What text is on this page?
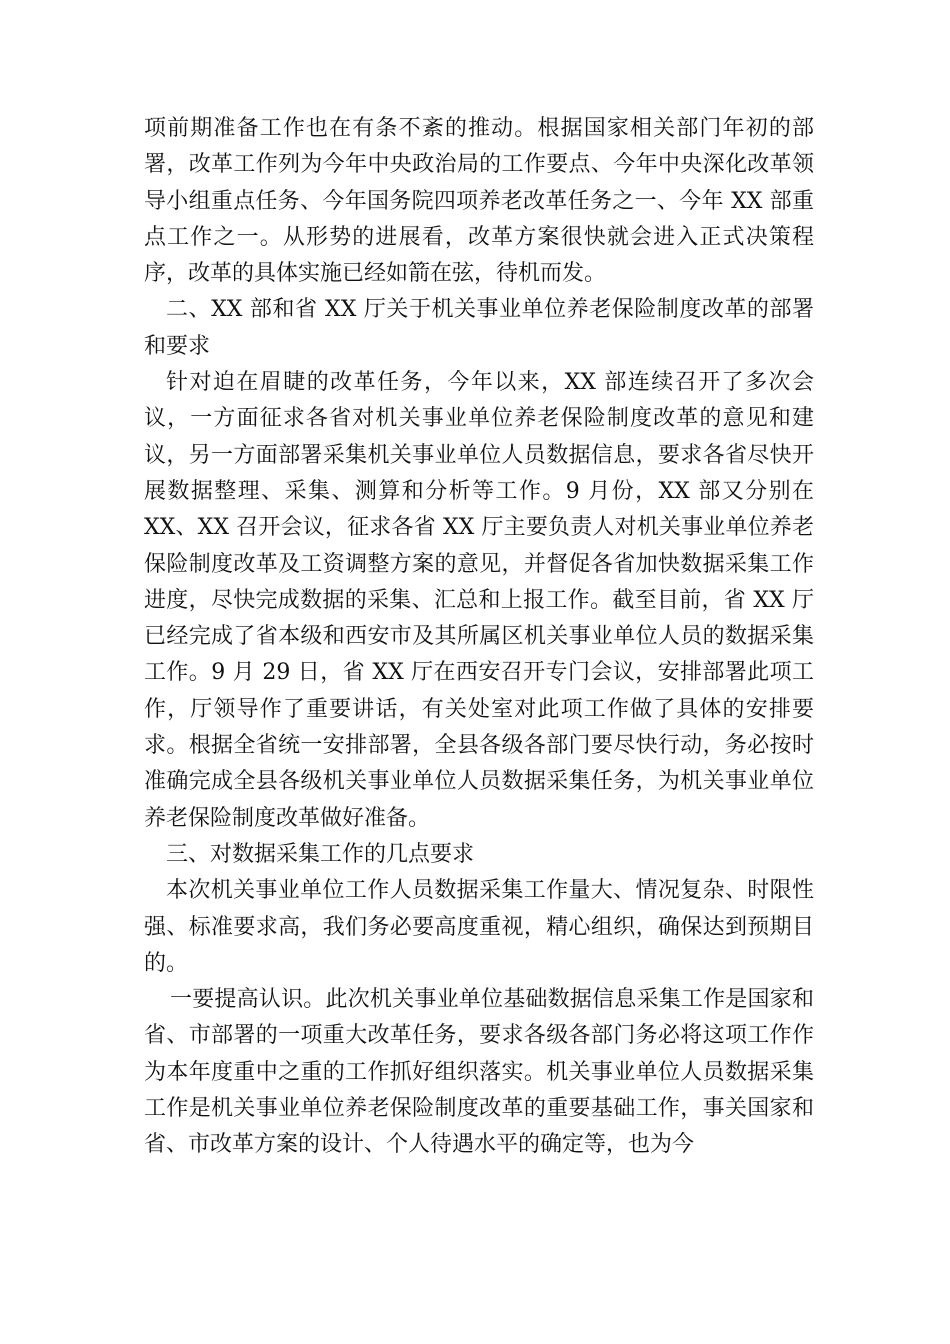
项前期准备工作也在有条不紊的推动。根据国家相关部门年初的部署，改革工作列为今年中央政治局的工作要点、今年中央深化改革领导小组重点任务、今年国务院四项养老改革任务之一、今年 XX 部重点工作之一。从形势的进展看，改革方案很快就会进入正式决策程序，改革的具体实施已经如箭在弦，待机而发。

二、XX 部和省 XX 厅关于机关事业单位养老保险制度改革的部署和要求

针对迫在眉睫的改革任务，今年以来，XX 部连续召开了多次会议，一方面征求各省对机关事业单位养老保险制度改革的意见和建议，另一方面部署采集机关事业单位人员数据信息，要求各省尽快开展数据整理、采集、测算和分析等工作。9 月份，XX 部又分别在 XX、XX 召开会议，征求各省 XX 厅主要负责人对机关事业单位养老保险制度改革及工资调整方案的意见，并督促各省加快数据采集工作进度，尽快完成数据的采集、汇总和上报工作。截至目前，省 XX 厅已经完成了省本级和西安市及其所属区机关事业单位人员的数据采集工作。9 月 29 日，省 XX 厅在西安召开专门会议，安排部署此项工作，厅领导作了重要讲话，有关处室对此项工作做了具体的安排要求。根据全省统一安排部署，全县各级各部门要尽快行动，务必按时准确完成全县各级机关事业单位人员数据采集任务，为机关事业单位养老保险制度改革做好准备。

三、对数据采集工作的几点要求

本次机关事业单位工作人员数据采集工作量大、情况复杂、时限性强、标准要求高，我们务必要高度重视，精心组织，确保达到预期目的。

一要提高认识。此次机关事业单位基础数据信息采集工作是国家和省、市部署的一项重大改革任务，要求各级各部门务必将这项工作作为本年度重中之重的工作抓好组织落实。机关事业单位人员数据采集工作是机关事业单位养老保险制度改革的重要基础工作，事关国家和省、市改革方案的设计、个人待遇水平的确定等，也为今
